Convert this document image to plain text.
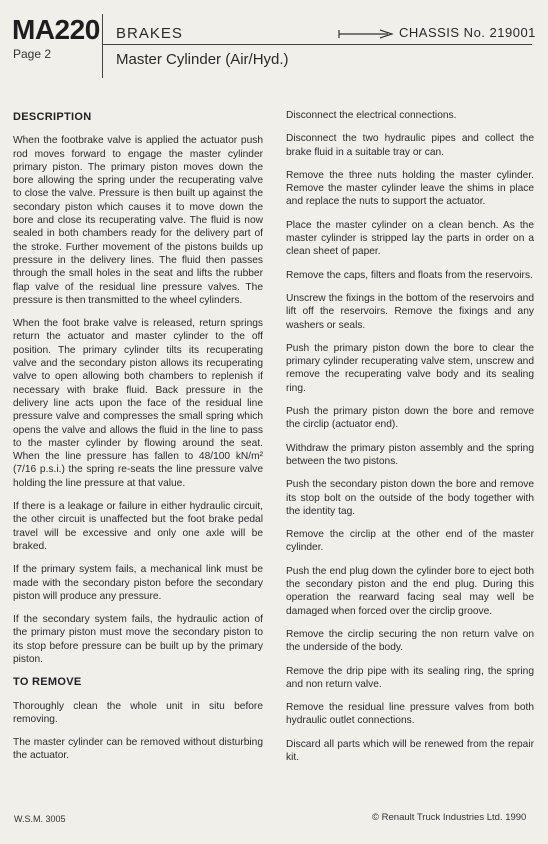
MA220
Page 2
BRAKES	CHASSIS No. 219001
Master Cylinder (Air/Hyd.)
DESCRIPTION

When the footbrake valve is applied the actuator push rod moves forward to engage the master cylinder primary piston. The primary piston moves down the bore allowing the spring under the recuperating valve to close the valve. Pressure is then built up against the secondary piston which causes it to move down the bore and close its recuperating valve. The fluid is now sealed in both chambers ready for the delivery part of the stroke. Further movement of the pistons builds up pressure in the delivery lines. The fluid then passes through the small holes in the seat and lifts the rubber flap valve of the residual line pressure valves. The pressure is then transmitted to the wheel cylinders.

When the foot brake valve is released, return springs return the actuator and master cylinder to the off position. The primary cylinder tilts its recuperating valve and the secondary piston allows its recuperating valve to open allowing both chambers to replenish if necessary with brake fluid. Back pressure in the delivery line acts upon the face of the residual line pressure valve and compresses the small spring which opens the valve and allows the fluid in the line to pass to the master cylinder by flowing around the seat. When the line pressure has fallen to 48/100 kN/m² (7/16 p.s.i.) the spring re-seats the line pressure valve holding the line pressure at that value.

If there is a leakage or failure in either hydraulic circuit, the other circuit is unaffected but the foot brake pedal travel will be excessive and only one axle will be braked.

If the primary system fails, a mechanical link must be made with the secondary piston before the secondary piston will produce any pressure.

If the secondary system fails, the hydraulic action of the primary piston must move the secondary piston to its stop before pressure can be built up by the primary piston.

TO REMOVE

Thoroughly clean the whole unit in situ before removing.

The master cylinder can be removed without disturbing the actuator.

Disconnect the electrical connections.

Disconnect the two hydraulic pipes and collect the brake fluid in a suitable tray or can.

Remove the three nuts holding the master cylinder. Remove the master cylinder leave the shims in place and replace the nuts to support the actuator.

Place the master cylinder on a clean bench. As the master cylinder is stripped lay the parts in order on a clean sheet of paper.

Remove the caps, filters and floats from the reservoirs.

Unscrew the fixings in the bottom of the reservoirs and lift off the reservoirs. Remove the fixings and any washers or seals.

Push the primary piston down the bore to clear the primary cylinder recuperating valve stem, unscrew and remove the recuperating valve body and its sealing ring.

Push the primary piston down the bore and remove the circlip (actuator end).

Withdraw the primary piston assembly and the spring between the two pistons.

Push the secondary piston down the bore and remove its stop bolt on the outside of the body together with the identity tag.

Remove the circlip at the other end of the master cylinder.

Push the end plug down the cylinder bore to eject both the secondary piston and the end plug. During this operation the rearward facing seal may well be damaged when forced over the circlip groove.

Remove the circlip securing the non return valve on the underside of the body.

Remove the drip pipe with its sealing ring, the spring and non return valve.

Remove the residual line pressure valves from both hydraulic outlet connections.

Discard all parts which will be renewed from the repair kit.

W.S.M. 3005	© Renault Truck Industries Ltd. 1990
